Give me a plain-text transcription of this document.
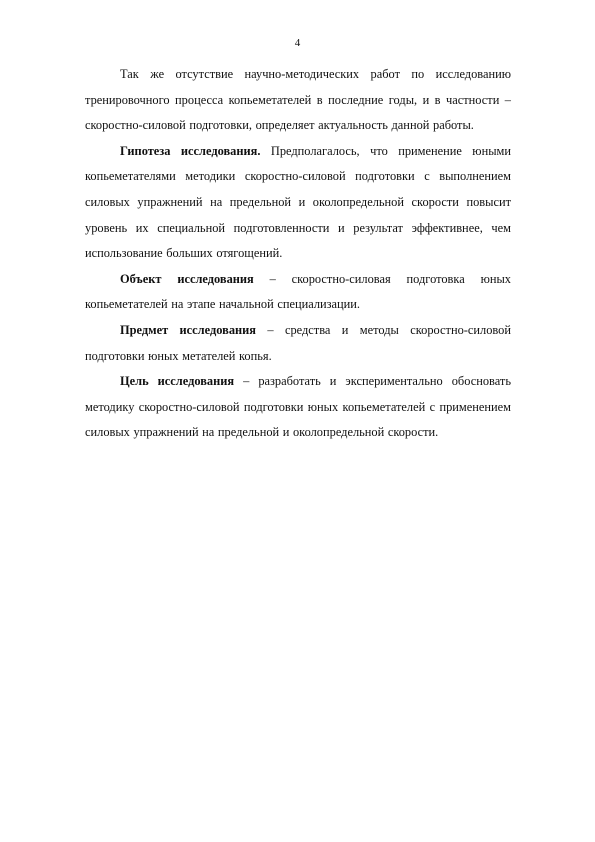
4

Так же отсутствие научно-методических работ по исследованию тренировочного процесса копьеметателей в последние годы, и в частности – скоростно-силовой подготовки, определяет актуальность данной работы.

Гипотеза исследования. Предполагалось, что применение юными копьеметателями методики скоростно-силовой подготовки с выполнением силовых упражнений на предельной и околопредельной скорости повысит уровень их специальной подготовленности и результат эффективнее, чем использование больших отягощений.

Объект исследования – скоростно-силовая подготовка юных копьеметателей на этапе начальной специализации.

Предмет исследования – средства и методы скоростно-силовой подготовки юных метателей копья.

Цель исследования – разработать и экспериментально обосновать методику скоростно-силовой подготовки юных копьеметателей с применением силовых упражнений на предельной и околопредельной скорости.
